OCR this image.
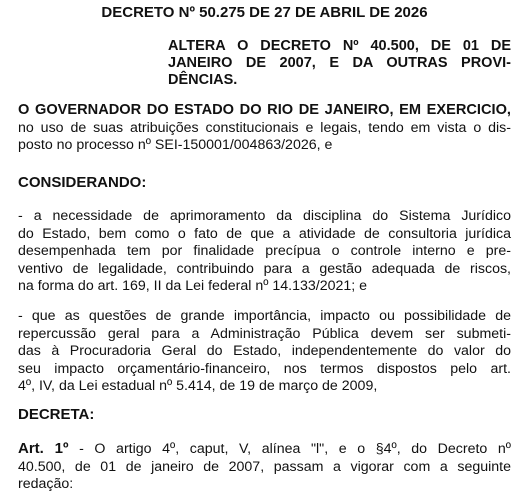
DECRETO Nº 50.275 DE 27 DE ABRIL DE 2026
ALTERA O DECRETO Nº 40.500, DE 01 DE
JANEIRO DE 2007, E DA OUTRAS PROVI-
DÊNCIAS.
O GOVERNADOR DO ESTADO DO RIO DE JANEIRO, EM EXERCICIO,
no uso de suas atribuições constitucionais e legais, tendo em vista o dis-
posto no processo nº SEI-150001/004863/2026, e
CONSIDERANDO:
- a necessidade de aprimoramento da disciplina do Sistema Jurídico
do Estado, bem como o fato de que a atividade de consultoria jurídica
desempenhada tem por finalidade precípua o controle interno e pre-
ventivo de legalidade, contribuindo para a gestão adequada de riscos,
na forma do art. 169, II da Lei federal nº 14.133/2021; e
- que as questões de grande importância, impacto ou possibilidade de
repercussão geral para a Administração Pública devem ser submeti-
das à Procuradoria Geral do Estado, independentemente do valor do
seu impacto orçamentário-financeiro, nos termos dispostos pelo art.
4º, IV, da Lei estadual nº 5.414, de 19 de março de 2009,
DECRETA:
Art. 1º - O artigo 4º, caput, V, alínea "l", e o §4º, do Decreto nº
40.500, de 01 de janeiro de 2007, passam a vigorar com a seguinte
redação:
